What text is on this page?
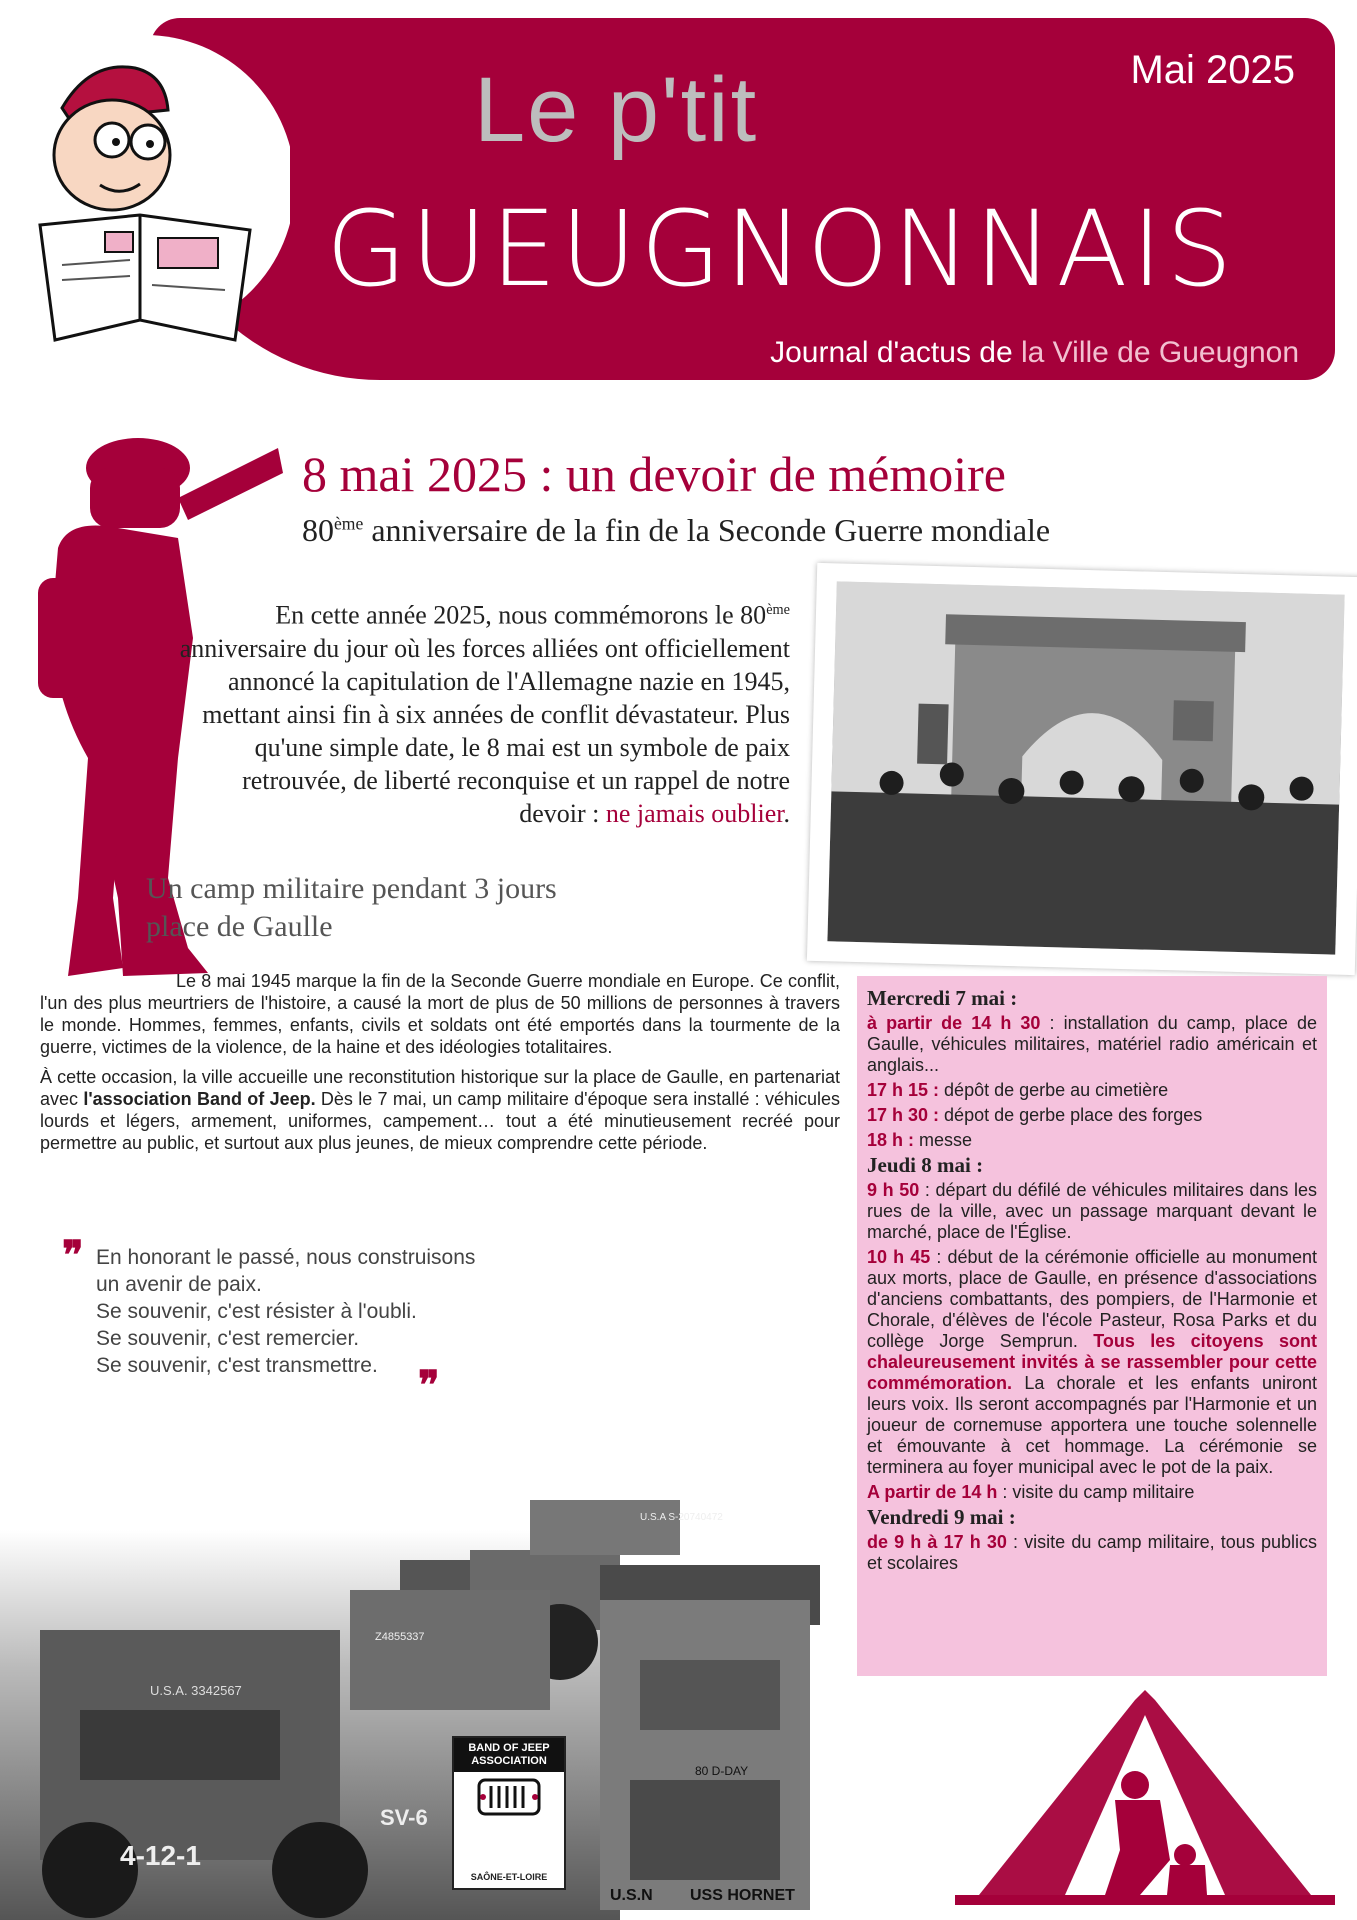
Mai 2025
Le p'tit
GUEUGNONNAIS
Journal d'actus de la Ville de Gueugnon
8 mai 2025 : un devoir de mémoire
80ème anniversaire de la fin de la Seconde Guerre mondiale
En cette année 2025, nous commémorons le 80ème anniversaire du jour où les forces alliées ont officiellement annoncé la capitulation de l'Allemagne nazie en 1945, mettant ainsi fin à six années de conflit dévastateur. Plus qu'une simple date, le 8 mai est un symbole de paix retrouvée, de liberté reconquise et un rappel de notre devoir : ne jamais oublier.
Un camp militaire pendant 3 jours
place de Gaulle

Le 8 mai 1945 marque la fin de la Seconde Guerre mondiale en Europe. Ce conflit, l'un des plus meurtriers de l'histoire, a causé la mort de plus de 50 millions de personnes à travers le monde. Hommes, femmes, enfants, civils et soldats ont été emportés dans la tourmente de la guerre, victimes de la violence, de la haine et des idéologies totalitaires.

À cette occasion, la ville accueille une reconstitution historique sur la place de Gaulle, en partenariat avec l'association Band of Jeep. Dès le 7 mai, un camp militaire d'époque sera installé : véhicules lourds et légers, armement, uniformes, campement… tout a été minutieusement recréé pour permettre au public, et surtout aux plus jeunes, de mieux comprendre cette période.

❞ En honorant le passé, nous construisons
un avenir de paix.
Se souvenir, c'est résister à l'oubli.
Se souvenir, c'est remercier.
Se souvenir, c'est transmettre.	❞
Mercredi 7 mai :

à partir de 14 h 30 : installation du camp, place de Gaulle, véhicules militaires, matériel radio américain et anglais...

17 h 15 : dépôt de gerbe au cimetière

17 h 30 : dépot de gerbe place des forges

18 h : messe

Jeudi 8 mai :

9 h 50 : départ du défilé de véhicules militaires dans les rues de la ville, avec un passage marquant devant le marché, place de l'Église.

10 h 45 : début de la cérémonie officielle au monument aux morts, place de Gaulle, en présence d'associations d'anciens combattants, des pompiers, de l'Harmonie et Chorale, d'élèves de l'école Pasteur, Rosa Parks et du collège Jorge Semprun. Tous les citoyens sont chaleureusement invités à se rassembler pour cette commémoration. La chorale et les enfants uniront leurs voix. Ils seront accompagnés par l'Harmonie et un joueur de cornemuse apportera une touche solennelle et émouvante à cet hommage. La cérémonie se terminera au foyer municipal avec le pot de la paix.

A partir de 14 h : visite du camp militaire

Vendredi 9 mai :

de 9 h à 17 h 30 : visite du camp militaire, tous publics et scolaires

4-12-1
SV-6
U.S.A. 3342567
Z4855337
80 D-DAY
USS HORNET
U.S.N
U.S.A S-20740472
BAND OF JEEP
ASSOCIATION
SAÔNE-ET-LOIRE
